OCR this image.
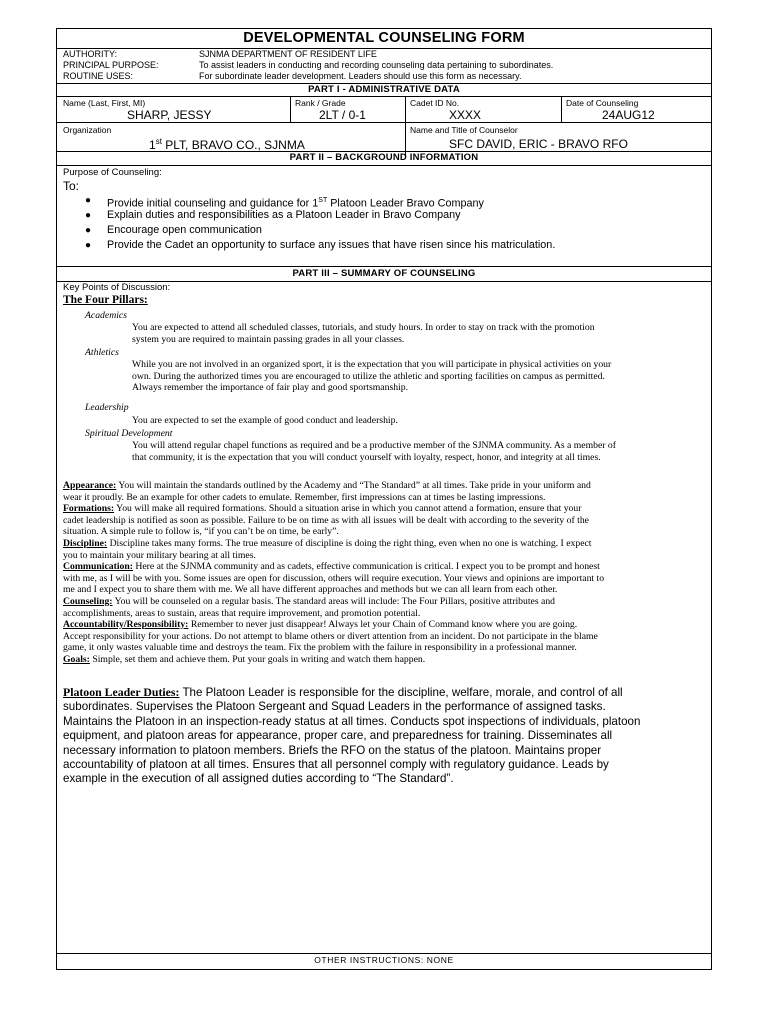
DEVELOPMENTAL COUNSELING FORM
AUTHORITY:	SJNMA DEPARTMENT OF RESIDENT LIFE
PRINCIPAL PURPOSE:	To assist leaders in conducting and recording counseling data pertaining to subordinates.
ROUTINE USES:	For subordinate leader development. Leaders should use this form as necessary.
PART I - ADMINISTRATIVE DATA
Name (Last, First, MI)
SHARP, JESSY
Rank / Grade
2LT / 0-1
Cadet ID No.
XXXX
Date of Counseling
24AUG12
Organization
1st PLT, BRAVO CO., SJNMA
Name and Title of Counselor
SFC DAVID, ERIC - BRAVO RFO
PART II – BACKGROUND INFORMATION
Purpose of Counseling:
To:
● Provide initial counseling and guidance for 1ST Platoon Leader Bravo Company
● Explain duties and responsibilities as a Platoon Leader in Bravo Company
● Encourage open communication
● Provide the Cadet an opportunity to surface any issues that have risen since his matriculation.
PART III – SUMMARY OF COUNSELING
Key Points of Discussion:
The Four Pillars:
Academics
You are expected to attend all scheduled classes, tutorials, and study hours. In order to stay on track with the promotion
system you are required to maintain passing grades in all your classes.
Athletics
While you are not involved in an organized sport, it is the expectation that you will participate in physical activities on your
own. During the authorized times you are encouraged to utilize the athletic and sporting facilities on campus as permitted.
Always remember the importance of fair play and good sportsmanship.
Leadership
You are expected to set the example of good conduct and leadership.
Spiritual Development
You will attend regular chapel functions as required and be a productive member of the SJNMA community. As a member of
that community, it is the expectation that you will conduct yourself with loyalty, respect, honor, and integrity at all times.
Appearance: You will maintain the standards outlined by the Academy and “The Standard” at all times. Take pride in your uniform and
wear it proudly. Be an example for other cadets to emulate. Remember, first impressions can at times be lasting impressions.
Formations: You will make all required formations. Should a situation arise in which you cannot attend a formation, ensure that your
cadet leadership is notified as soon as possible. Failure to be on time as with all issues will be dealt with according to the severity of the
situation. A simple rule to follow is, “if you can’t be on time, be early”.
Discipline: Discipline takes many forms. The true measure of discipline is doing the right thing, even when no one is watching. I expect
you to maintain your military bearing at all times.
Communication: Here at the SJNMA community and as cadets, effective communication is critical. I expect you to be prompt and honest
with me, as I will be with you. Some issues are open for discussion, others will require execution. Your views and opinions are important to
me and I expect you to share them with me. We all have different approaches and methods but we can all learn from each other.
Counseling: You will be counseled on a regular basis. The standard areas will include: The Four Pillars, positive attributes and
accomplishments, areas to sustain, areas that require improvement, and promotion potential.
Accountability/Responsibility: Remember to never just disappear! Always let your Chain of Command know where you are going.
Accept responsibility for your actions. Do not attempt to blame others or divert attention from an incident. Do not participate in the blame
game, it only wastes valuable time and destroys the team. Fix the problem with the failure in responsibility in a professional manner.
Goals: Simple, set them and achieve them. Put your goals in writing and watch them happen.
Platoon Leader Duties: The Platoon Leader is responsible for the discipline, welfare, morale, and control of all
subordinates. Supervises the Platoon Sergeant and Squad Leaders in the performance of assigned tasks.
Maintains the Platoon in an inspection-ready status at all times. Conducts spot inspections of individuals, platoon
equipment, and platoon areas for appearance, proper care, and preparedness for training. Disseminates all
necessary information to platoon members. Briefs the RFO on the status of the platoon. Maintains proper
accountability of platoon at all times. Ensures that all personnel comply with regulatory guidance. Leads by
example in the execution of all assigned duties according to “The Standard”.
OTHER INSTRUCTIONS: NONE
